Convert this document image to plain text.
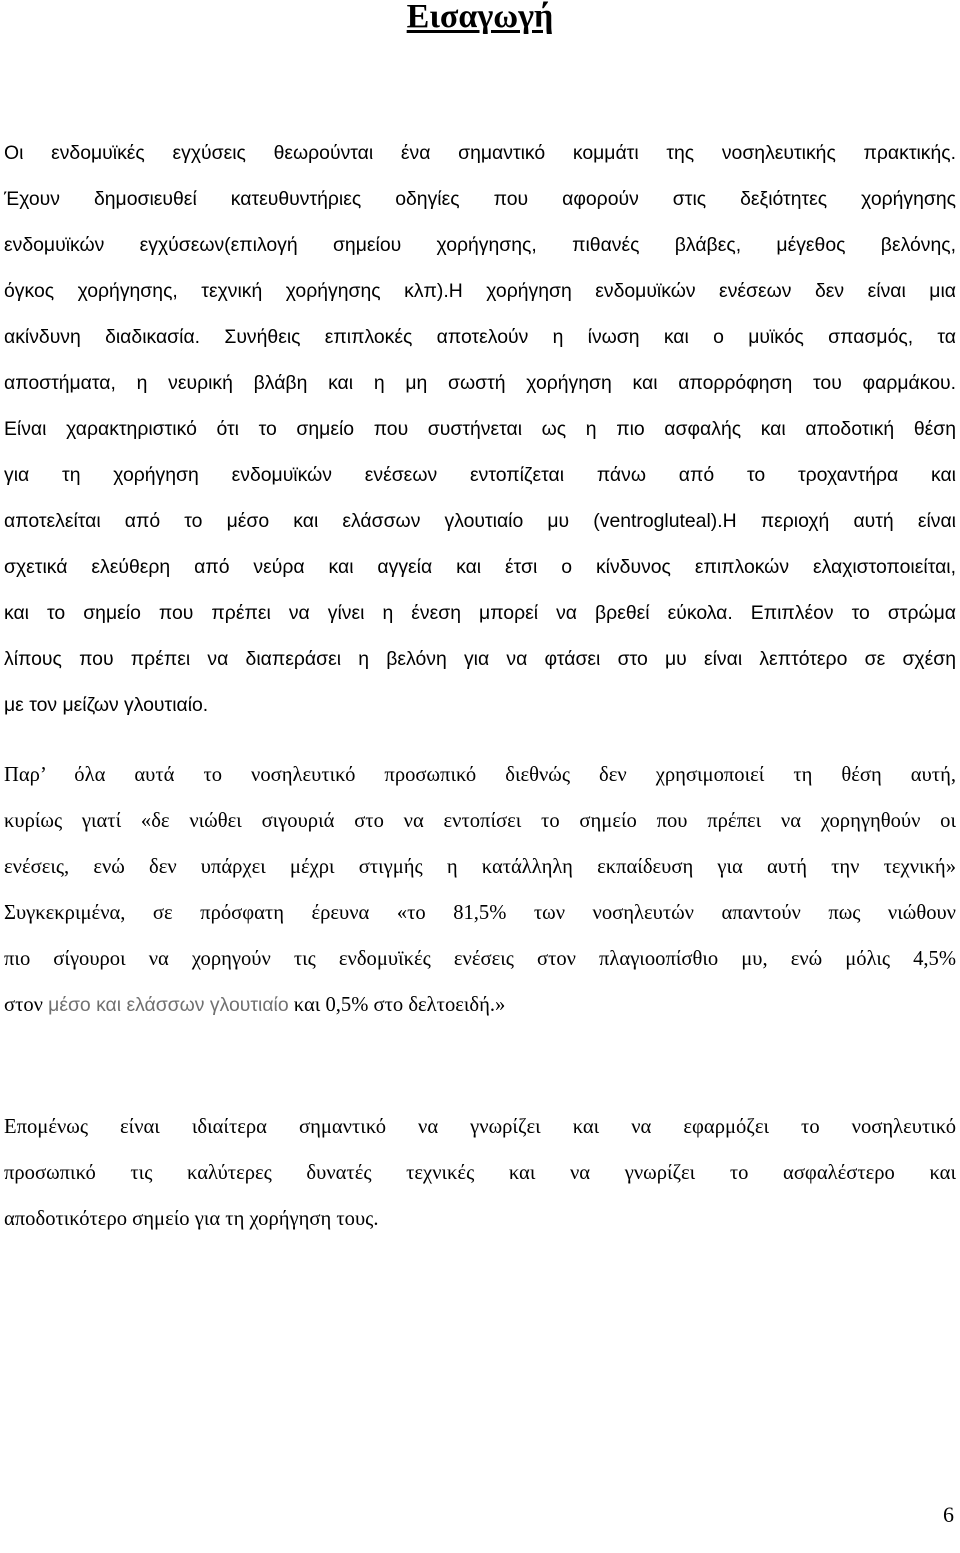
Εισαγωγή
Οι ενδομυϊκές εγχύσεις θεωρούνται ένα σημαντικό κομμάτι της νοσηλευτικής πρακτικής.
Έχουν δημοσιευθεί κατευθυντήριες οδηγίες που αφορούν στις δεξιότητες χορήγησης
ενδομυϊκών εγχύσεων(επιλογή σημείου χορήγησης, πιθανές βλάβες, μέγεθος βελόνης,
όγκος χορήγησης, τεχνική χορήγησης κλπ).Η χορήγηση ενδομυϊκών ενέσεων δεν είναι μια
ακίνδυνη διαδικασία. Συνήθεις επιπλοκές αποτελούν η ίνωση και ο μυϊκός σπασμός, τα
αποστήματα, η νευρική βλάβη και η μη σωστή χορήγηση και απορρόφηση του φαρμάκου.
Είναι χαρακτηριστικό ότι το σημείο που συστήνεται ως η πιο ασφαλής και αποδοτική θέση
για τη χορήγηση ενδομυϊκών ενέσεων εντοπίζεται πάνω από το τροχαντήρα και
αποτελείται από το μέσο και ελάσσων γλουτιαίο μυ (ventrogluteal).Η περιοχή αυτή είναι
σχετικά ελεύθερη από νεύρα και αγγεία και έτσι ο κίνδυνος επιπλοκών ελαχιστοποιείται,
και το σημείο που πρέπει να γίνει η ένεση μπορεί να βρεθεί εύκολα. Επιπλέον το στρώμα
λίπους που πρέπει να διαπεράσει η βελόνη για να φτάσει στο μυ είναι λεπτότερο σε σχέση
με τον μείζων γλουτιαίο.
Παρ’ όλα αυτά το νοσηλευτικό προσωπικό διεθνώς δεν χρησιμοποιεί τη θέση αυτή,
κυρίως γιατί «δε νιώθει σιγουριά στο να εντοπίσει το σημείο που πρέπει να χορηγηθούν οι
ενέσεις, ενώ δεν υπάρχει μέχρι στιγμής η κατάλληλη εκπαίδευση για αυτή την τεχνική»
Συγκεκριμένα, σε πρόσφατη έρευνα «το 81,5% των νοσηλευτών απαντούν πως νιώθουν
πιο σίγουροι να χορηγούν τις ενδομυϊκές ενέσεις στον πλαγιοοπίσθιο μυ, ενώ μόλις 4,5%
στον μέσο και ελάσσων γλουτιαίο και 0,5% στο δελτοειδή.»
Επομένως είναι ιδιαίτερα σημαντικό να γνωρίζει και να εφαρμόζει το νοσηλευτικό
προσωπικό τις καλύτερες δυνατές τεχνικές και να γνωρίζει το ασφαλέστερο και
αποδοτικότερο σημείο για τη χορήγηση τους.
6
